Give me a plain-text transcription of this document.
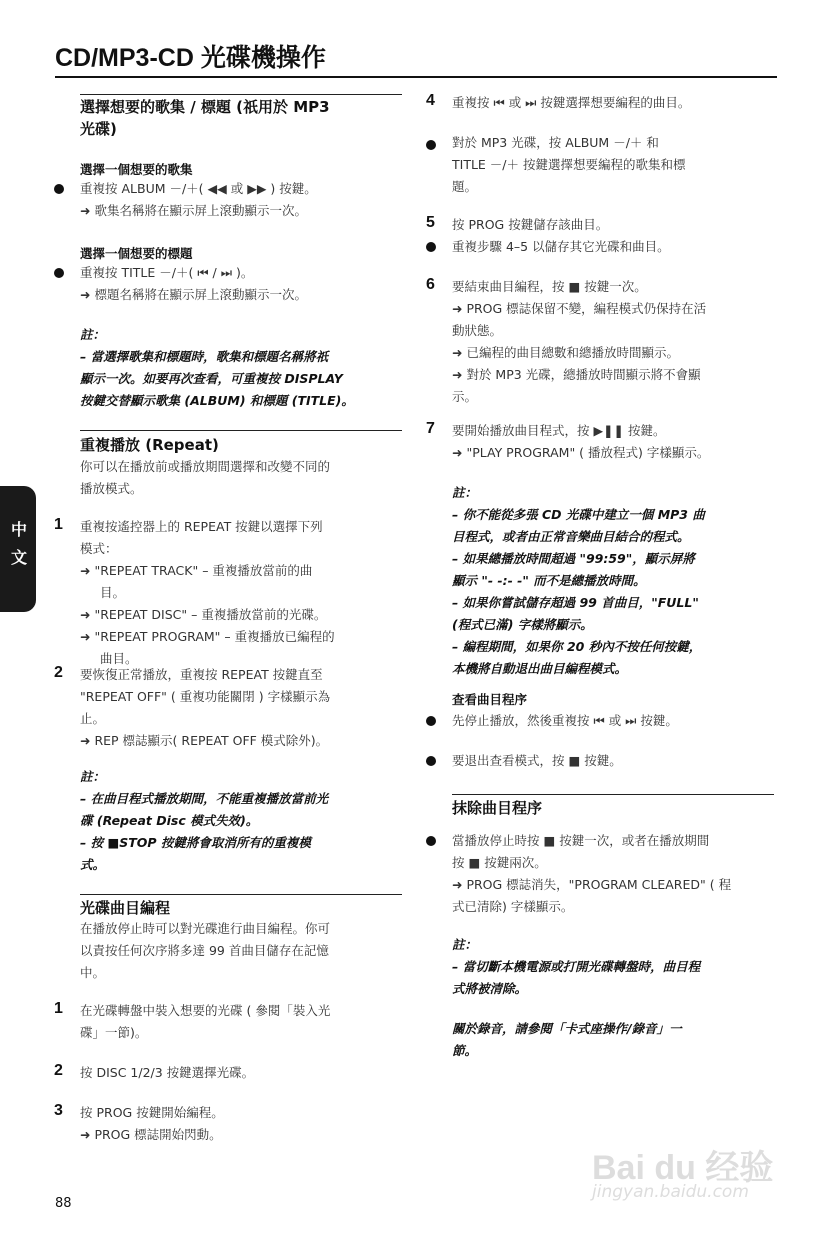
CD/MP3-CD 光碟機操作
中文
選擇想要的歌集 / 標題 (祇用於 MP3
光碟)
選擇一個想要的歌集
重複按 ALBUM －/＋( ◀◀ 或 ▶▶ ) 按鍵。
➜ 歌集名稱將在顯示屏上滾動顯示一次。
選擇一個想要的標題
重複按 TITLE －/＋( ⏮ / ⏭ )。
➜ 標題名稱將在顯示屏上滾動顯示一次。
註：
– 當選擇歌集和標題時，歌集和標題名稱將祇
顯示一次。如要再次查看，可重複按 DISPLAY
按鍵交替顯示歌集 (ALBUM) 和標題 (TITLE)。
重複播放 (Repeat)
你可以在播放前或播放期間選擇和改變不同的
播放模式。
1 重複按遙控器上的 REPEAT 按鍵以選擇下列
模式：
➜ "REPEAT TRACK" – 重複播放當前的曲
目。
➜ "REPEAT DISC" – 重複播放當前的光碟。
➜ "REPEAT PROGRAM" – 重複播放已編程的
曲目。
2 要恢復正常播放，重複按 REPEAT 按鍵直至
"REPEAT OFF" ( 重複功能關閉 ) 字樣顯示為
止。
➜ REP 標誌顯示( REPEAT OFF 模式除外)。
註：
– 在曲目程式播放期間，不能重複播放當前光
碟 (Repeat Disc 模式失效)。
– 按 ■STOP 按鍵將會取消所有的重複模
式。
光碟曲目編程
在播放停止時可以對光碟進行曲目編程。你可
以責按任何次序將多達 99 首曲目儲存在記憶
中。
1 在光碟轉盤中裝入想要的光碟 ( 參閱「裝入光
碟」一節)。
2 按 DISC 1/2/3 按鍵選擇光碟。
3 按 PROG 按鍵開始編程。
➜ PROG 標誌開始閃動。
4 重複按 ⏮ 或 ⏭ 按鍵選擇想要編程的曲目。
對於 MP3 光碟，按 ALBUM －/＋ 和
TITLE －/＋ 按鍵選擇想要編程的歌集和標
題。
5 按 PROG 按鍵儲存該曲目。
重複步驟 4–5 以儲存其它光碟和曲目。
6 要結束曲目編程，按 ■ 按鍵一次。
➜ PROG 標誌保留不變，編程模式仍保持在活
動狀態。
➜ 已編程的曲目總數和總播放時間顯示。
➜ 對於 MP3 光碟，總播放時間顯示將不會顯
示。
7 要開始播放曲目程式，按 ▶❚❚ 按鍵。
➜ "PLAY PROGRAM" ( 播放程式) 字樣顯示。
註：
– 你不能從多張 CD 光碟中建立一個 MP3 曲
目程式，或者由正常音樂曲目結合的程式。
– 如果總播放時間超過 "99:59"，顯示屏將
顯示 "- -:- -" 而不是總播放時間。
– 如果你嘗試儲存超過 99 首曲目，"FULL"
(程式已滿) 字樣將顯示。
– 編程期間，如果你 20 秒內不按任何按鍵，
本機將自動退出曲目編程模式。
查看曲目程序
先停止播放，然後重複按 ⏮ 或 ⏭ 按鍵。
要退出查看模式，按 ■ 按鍵。
抹除曲目程序
當播放停止時按 ■ 按鍵一次，或者在播放期間
按 ■ 按鍵兩次。
➜ PROG 標誌消失，"PROGRAM CLEARED" ( 程
式已清除) 字樣顯示。
註：
– 當切斷本機電源或打開光碟轉盤時，曲目程
式將被清除。
關於錄音，請參閱「卡式座操作/錄音」一
節。
Bai du 经验
jingyan.baidu.com
88
